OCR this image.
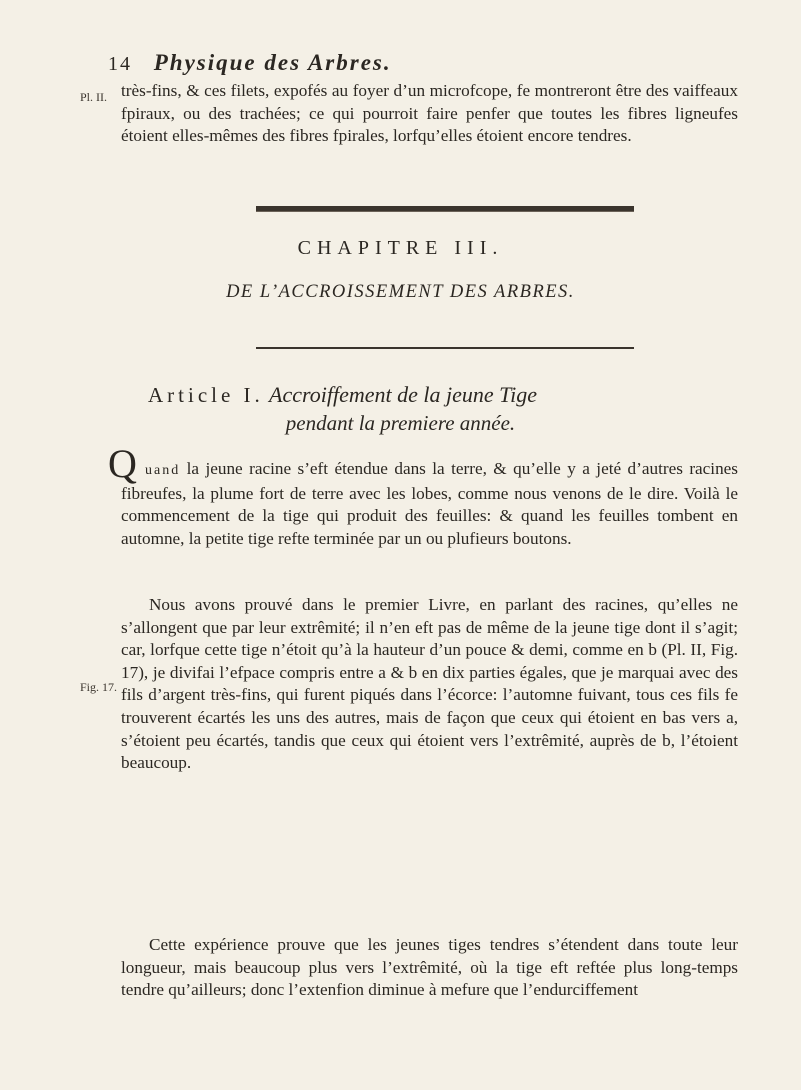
Pl. II.
Fig. 17.
14 Physique des Arbres.

très-fins, & ces filets, expofés au foyer d’un microfcope, fe montreront être des vaiffeaux fpiraux, ou des trachées; ce qui pourroit faire penfer que toutes les fibres ligneufes étoient elles-mêmes des fibres fpirales, lorfqu’elles étoient encore tendres.

CHAPITRE III.
DE L’ACCROISSEMENT DES ARBRES.
Article I. Accroiffement de la jeune Tige
pendant la premiere année.
Q uand la jeune racine s’eft étendue dans la terre, & qu’elle y a jeté d’autres racines fibreufes, la plume fort de terre avec les lobes, comme nous venons de le dire. Voilà le commencement de la tige qui produit des feuilles: & quand les feuilles tombent en automne, la petite tige refte terminée par un ou plufieurs boutons.

Nous avons prouvé dans le premier Livre, en parlant des racines, qu’elles ne s’allongent que par leur extrêmité; il n’en eft pas de même de la jeune tige dont il s’agit; car, lorfque cette tige n’étoit qu’à la hauteur d’un pouce & demi, comme en b (Pl. II, Fig. 17), je divifai l’efpace compris entre a & b en dix parties égales, que je marquai avec des fils d’argent très-fins, qui furent piqués dans l’écorce: l’automne fuivant, tous ces fils fe trouverent écartés les uns des autres, mais de façon que ceux qui étoient en bas vers a, s’étoient peu écartés, tandis que ceux qui étoient vers l’extrêmité, auprès de b, l’étoient beaucoup.

Cette expérience prouve que les jeunes tiges tendres s’étendent dans toute leur longueur, mais beaucoup plus vers l’extrêmité, où la tige eft reftée plus long-temps tendre qu’ailleurs; donc l’extenfion diminue à mefure que l’endurciffement
